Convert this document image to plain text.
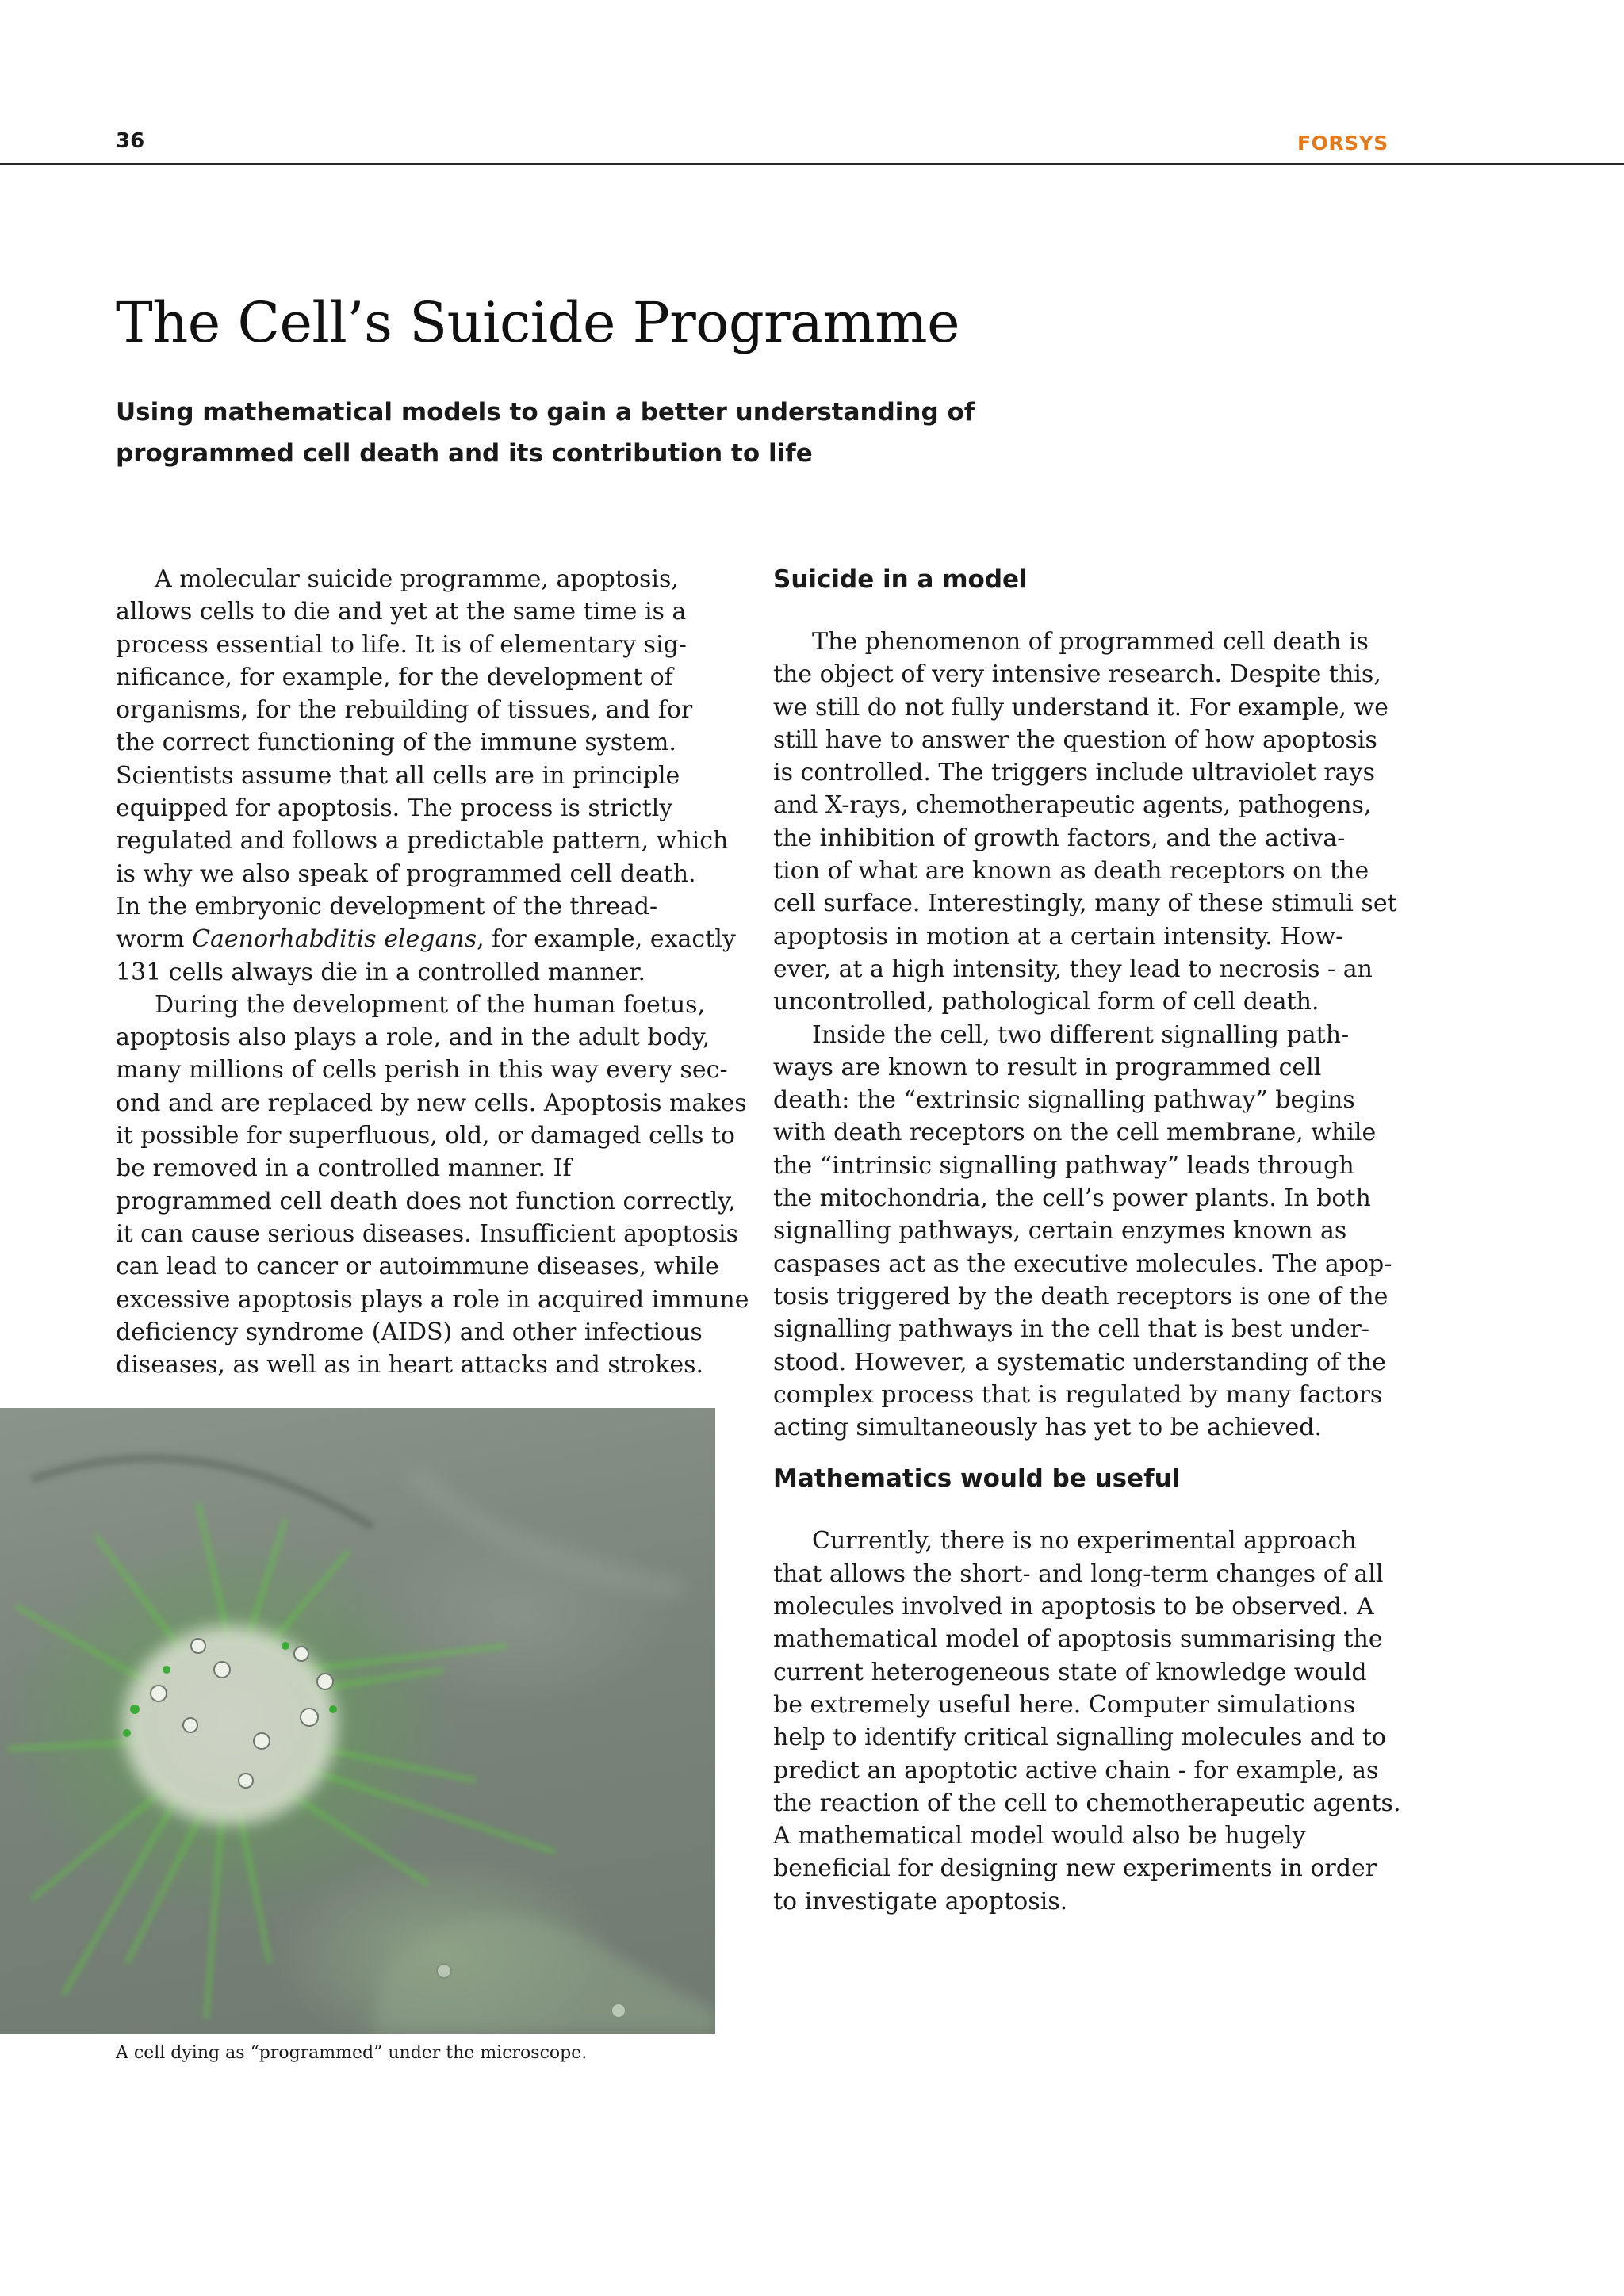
36	FORSYS
The Cell’s Suicide Programme
Using mathematical models to gain a better understanding of
programmed cell death and its contribution to life
A molecular suicide programme, apoptosis,
allows cells to die and yet at the same time is a
process essential to life. It is of elementary sig-
nificance, for example, for the development of
organisms, for the rebuilding of tissues, and for
the correct functioning of the immune system.
Scientists assume that all cells are in principle
equipped for apoptosis. The process is strictly
regulated and follows a predictable pattern, which
is why we also speak of programmed cell death.
In the embryonic development of the thread-
worm Caenorhabditis elegans, for example, exactly
131 cells always die in a controlled manner.
During the development of the human foetus,
apoptosis also plays a role, and in the adult body,
many millions of cells perish in this way every sec-
ond and are replaced by new cells. Apoptosis makes
it possible for superfluous, old, or damaged cells to
be removed in a controlled manner. If
programmed cell death does not function correctly,
it can cause serious diseases. Insufficient apoptosis
can lead to cancer or autoimmune diseases, while
excessive apoptosis plays a role in acquired immune
deficiency syndrome (AIDS) and other infectious
diseases, as well as in heart attacks and strokes.
Suicide in a model
The phenomenon of programmed cell death is
the object of very intensive research. Despite this,
we still do not fully understand it. For example, we
still have to answer the question of how apoptosis
is controlled. The triggers include ultraviolet rays
and X-rays, chemotherapeutic agents, pathogens,
the inhibition of growth factors, and the activa-
tion of what are known as death receptors on the
cell surface. Interestingly, many of these stimuli set
apoptosis in motion at a certain intensity. How-
ever, at a high intensity, they lead to necrosis - an
uncontrolled, pathological form of cell death.
Inside the cell, two different signalling path-
ways are known to result in programmed cell
death: the “extrinsic signalling pathway” begins
with death receptors on the cell membrane, while
the “intrinsic signalling pathway” leads through
the mitochondria, the cell’s power plants. In both
signalling pathways, certain enzymes known as
caspases act as the executive molecules. The apop-
tosis triggered by the death receptors is one of the
signalling pathways in the cell that is best under-
stood. However, a systematic understanding of the
complex process that is regulated by many factors
acting simultaneously has yet to be achieved.
Mathematics would be useful
Currently, there is no experimental approach
that allows the short- and long-term changes of all
molecules involved in apoptosis to be observed. A
mathematical model of apoptosis summarising the
current heterogeneous state of knowledge would
be extremely useful here. Computer simulations
help to identify critical signalling molecules and to
predict an apoptotic active chain - for example, as
the reaction of the cell to chemotherapeutic agents.
A mathematical model would also be hugely
beneficial for designing new experiments in order
to investigate apoptosis.

A cell dying as “programmed” under the microscope.
